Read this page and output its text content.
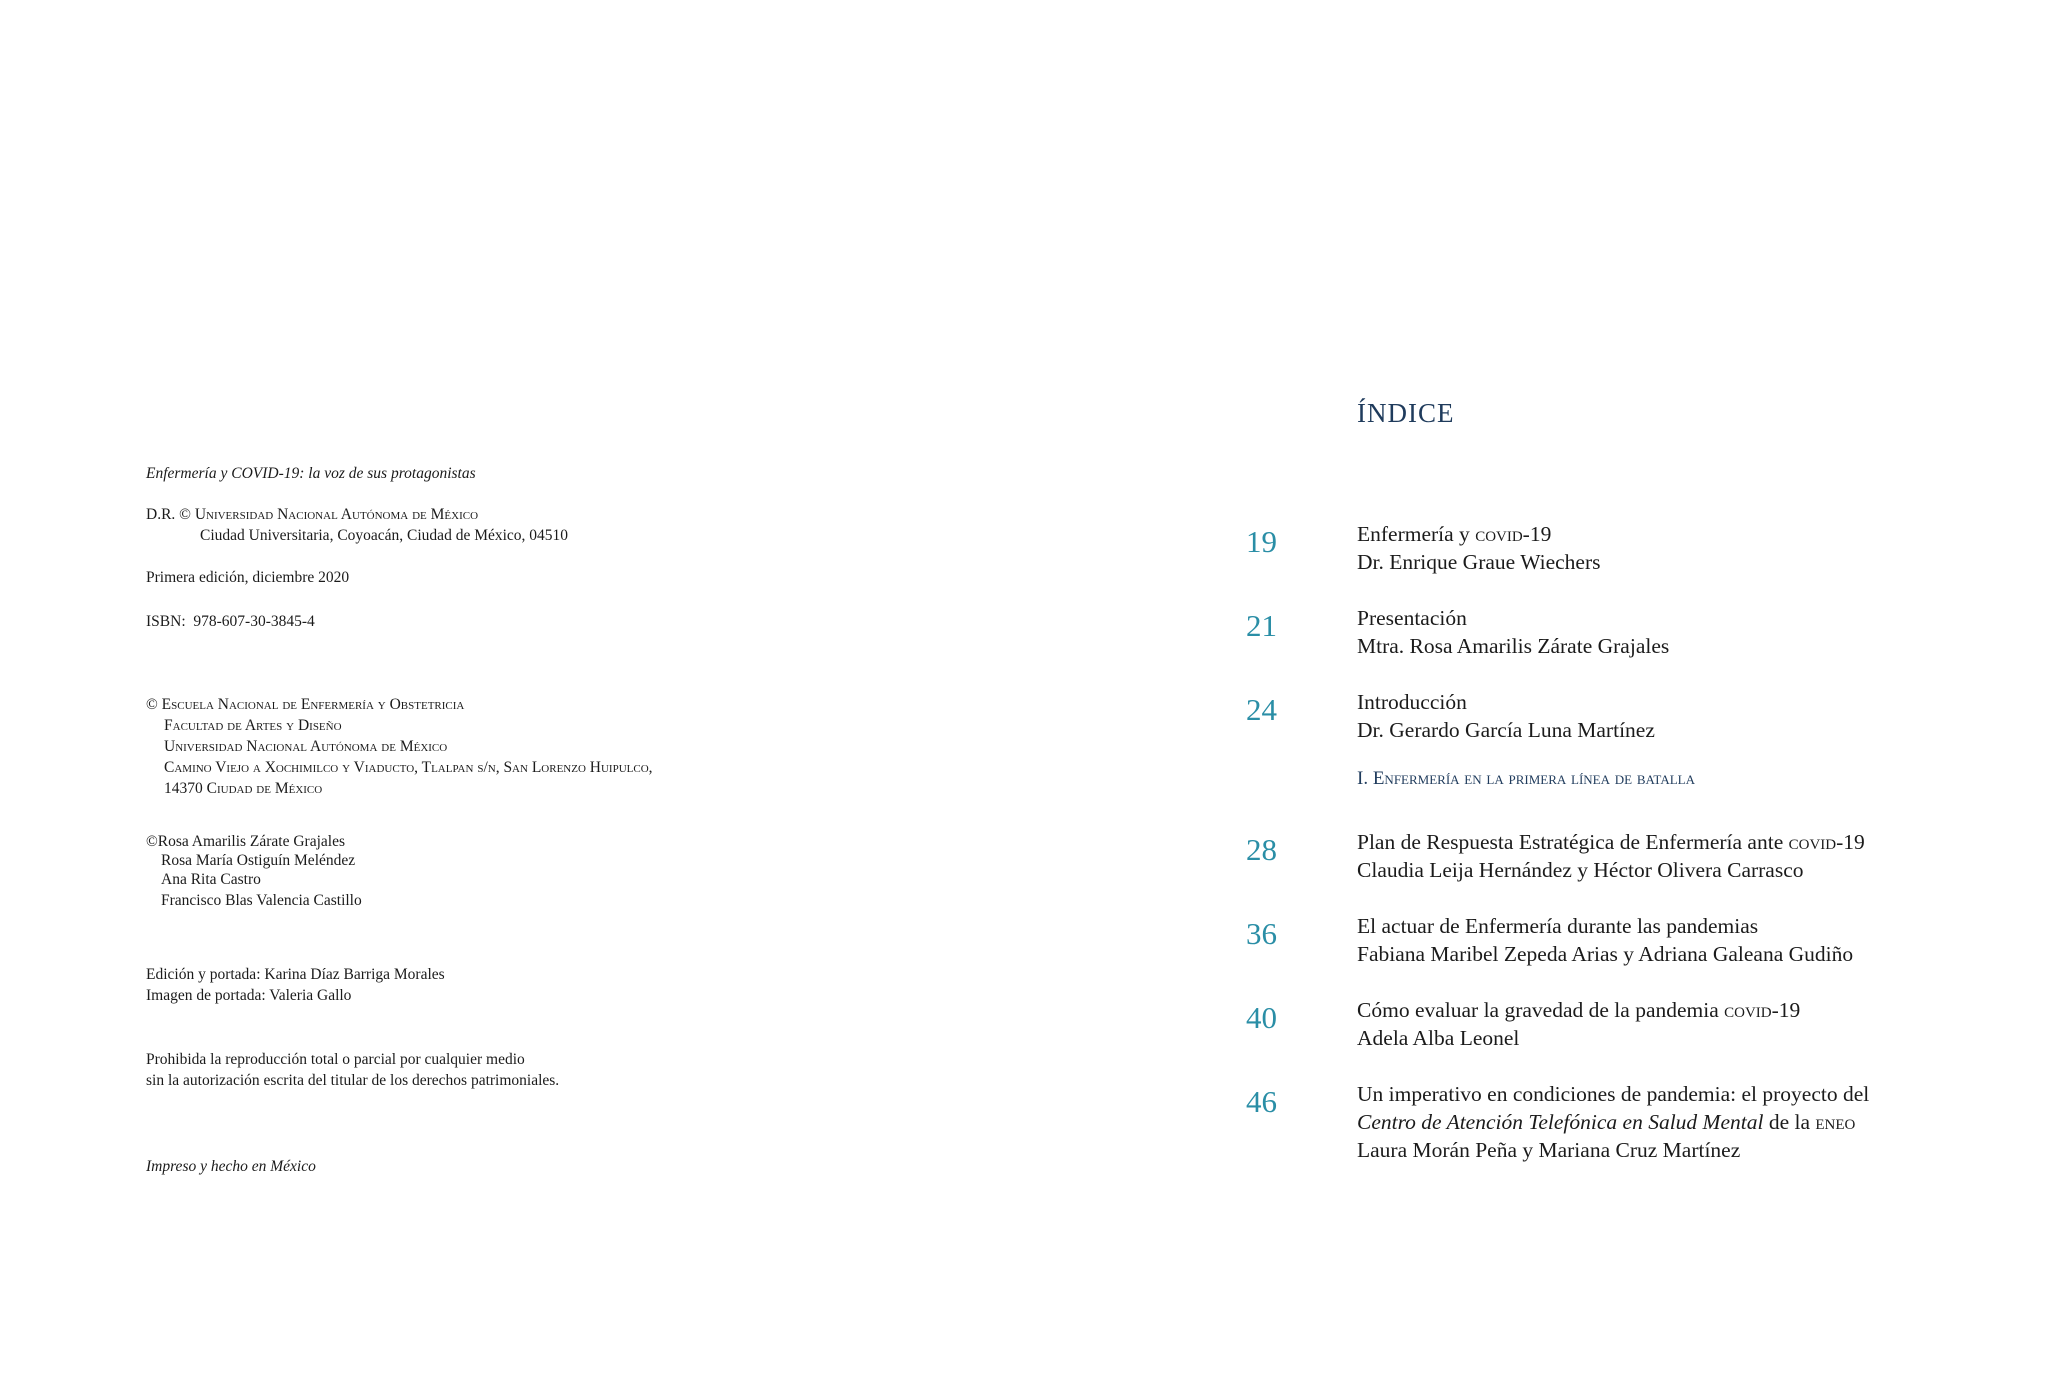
Enfermería y COVID-19: la voz de sus protagonistas
D.R. © Universidad Nacional Autónoma de México
Ciudad Universitaria, Coyoacán, Ciudad de México, 04510
Primera edición, diciembre 2020
ISBN: 978-607-30-3845-4
© Escuela Nacional de Enfermería y Obstetricia
Facultad de Artes y Diseño
Universidad Nacional Autónoma de México
Camino Viejo a Xochimilco y Viaducto, Tlalpan s/n, San Lorenzo Huipulco,
14370 Ciudad de México
©Rosa Amarilis Zárate Grajales
Rosa María Ostiguín Meléndez
Ana Rita Castro
Francisco Blas Valencia Castillo
Edición y portada: Karina Díaz Barriga Morales
Imagen de portada: Valeria Gallo
Prohibida la reproducción total o parcial por cualquier medio
sin la autorización escrita del titular de los derechos patrimoniales.
Impreso y hecho en México
índice
19	Enfermería y covid-19
Dr. Enrique Graue Wiechers
21	Presentación
Mtra. Rosa Amarilis Zárate Grajales
24	Introducción
Dr. Gerardo García Luna Martínez
I. Enfermería en la primera línea de batalla
28	Plan de Respuesta Estratégica de Enfermería ante covid-19
Claudia Leija Hernández y Héctor Olivera Carrasco
36	El actuar de Enfermería durante las pandemias
Fabiana Maribel Zepeda Arias y Adriana Galeana Gudiño
40	Cómo evaluar la gravedad de la pandemia covid-19
Adela Alba Leonel
46	Un imperativo en condiciones de pandemia: el proyecto del
Centro de Atención Telefónica en Salud Mental de la eneo
Laura Morán Peña y Mariana Cruz Martínez
